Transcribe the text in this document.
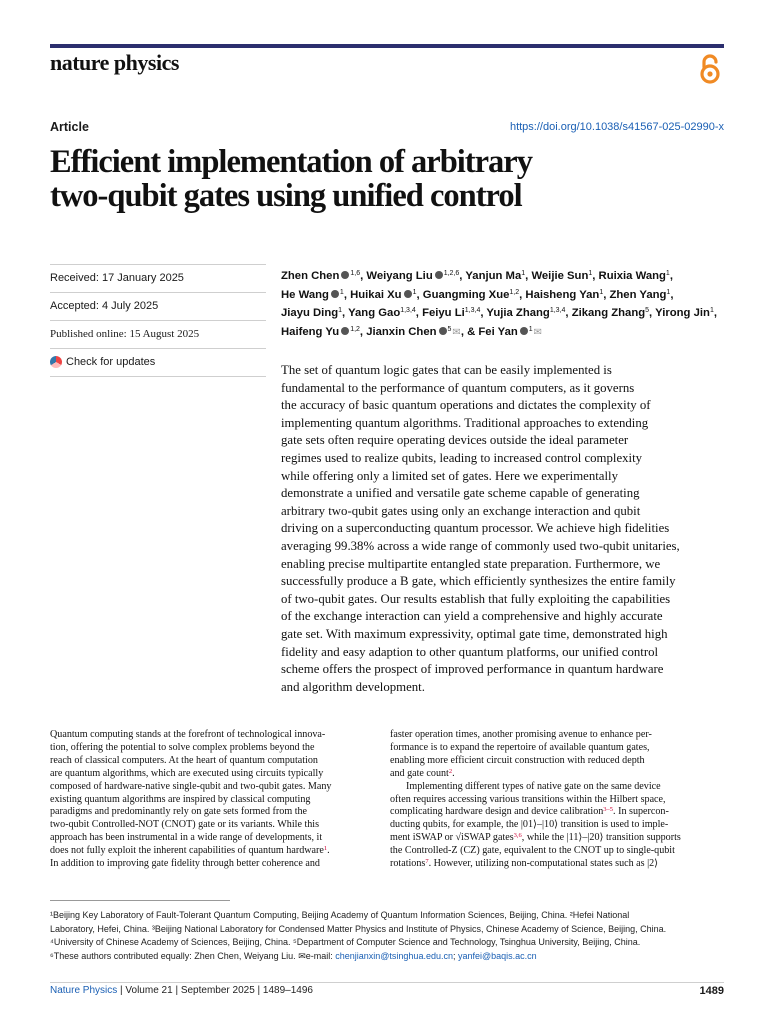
nature physics
Article	https://doi.org/10.1038/s41567-025-02990-x
Efficient implementation of arbitrary
two-qubit gates using unified control
Received: 17 January 2025
Accepted: 4 July 2025
Published online: 15 August 2025
Check for updates
Zhen Chen $^{1,6}$, Weiyang Liu $^{1,2,6}$, Yanjun Ma$^1$, Weijie Sun$^1$, Ruixia Wang$^1$,
He Wang $^1$, Huikai Xu $^1$, Guangming Xue$^{1,2}$, Haisheng Yan$^1$, Zhen Yang$^1$,
Jiayu Ding$^1$, Yang Gao$^{1,3,4}$, Feiyu Li$^{1,3,4}$, Yujia Zhang$^{1,3,4}$, Zikang Zhang$^5$, Yirong Jin$^1$,
Haifeng Yu $^{1,2}$, Jianxin Chen $^5$✉, & Fei Yan $^1$✉
The set of quantum logic gates that can be easily implemented is
fundamental to the performance of quantum computers, as it governs
the accuracy of basic quantum operations and dictates the complexity of
implementing quantum algorithms. Traditional approaches to extending
gate sets often require operating devices outside the ideal parameter
regimes used to realize qubits, leading to increased control complexity
while offering only a limited set of gates. Here we experimentally
demonstrate a unified and versatile gate scheme capable of generating
arbitrary two-qubit gates using only an exchange interaction and qubit
driving on a superconducting quantum processor. We achieve high fidelities
averaging 99.38% across a wide range of commonly used two-qubit unitaries,
enabling precise multipartite entangled state preparation. Furthermore, we
successfully produce a B gate, which efficiently synthesizes the entire family
of two-qubit gates. Our results establish that fully exploiting the capabilities
of the exchange interaction can yield a comprehensive and highly accurate
gate set. With maximum expressivity, optimal gate time, demonstrated high
fidelity and easy adaption to other quantum platforms, our unified control
scheme offers the prospect of improved performance in quantum hardware
and algorithm development.
Quantum computing stands at the forefront of technological innova-
tion, offering the potential to solve complex problems beyond the
reach of classical computers. At the heart of quantum computation
are quantum algorithms, which are executed using circuits typically
composed of hardware-native single-qubit and two-qubit gates. Many
existing quantum algorithms are inspired by classical computing
paradigms and predominantly rely on gate sets formed from the
two-qubit Controlled-NOT (CNOT) gate or its variants. While this
approach has been instrumental in a wide range of developments, it
does not fully exploit the inherent capabilities of quantum hardware$^1$.
In addition to improving gate fidelity through better coherence and
faster operation times, another promising avenue to enhance per-
formance is to expand the repertoire of available quantum gates,
enabling more efficient circuit construction with reduced depth
and gate count$^2$.
Implementing different types of native gate on the same device
often requires accessing various transitions within the Hilbert space,
complicating hardware design and device calibration$^{3-5}$. In supercon-
ducting qubits, for example, the |01⟩–|10⟩ transition is used to imple-
ment iSWAP or √iSWAP gates$^{3,6}$, while the |11⟩–|20⟩ transition supports
the Controlled-Z (CZ) gate, equivalent to the CNOT up to single-qubit
rotations$^7$. However, utilizing non-computational states such as |2⟩
¹Beijing Key Laboratory of Fault-Tolerant Quantum Computing, Beijing Academy of Quantum Information Sciences, Beijing, China. ²Hefei National
Laboratory, Hefei, China. ³Beijing National Laboratory for Condensed Matter Physics and Institute of Physics, Chinese Academy of Science, Beijing, China.
⁴University of Chinese Academy of Sciences, Beijing, China. ⁵Department of Computer Science and Technology, Tsinghua University, Beijing, China.
⁶These authors contributed equally: Zhen Chen, Weiyang Liu. ✉e-mail: chenjianxin@tsinghua.edu.cn; yanfei@baqis.ac.cn
Nature Physics | Volume 21 | September 2025 | 1489–1496	1489
